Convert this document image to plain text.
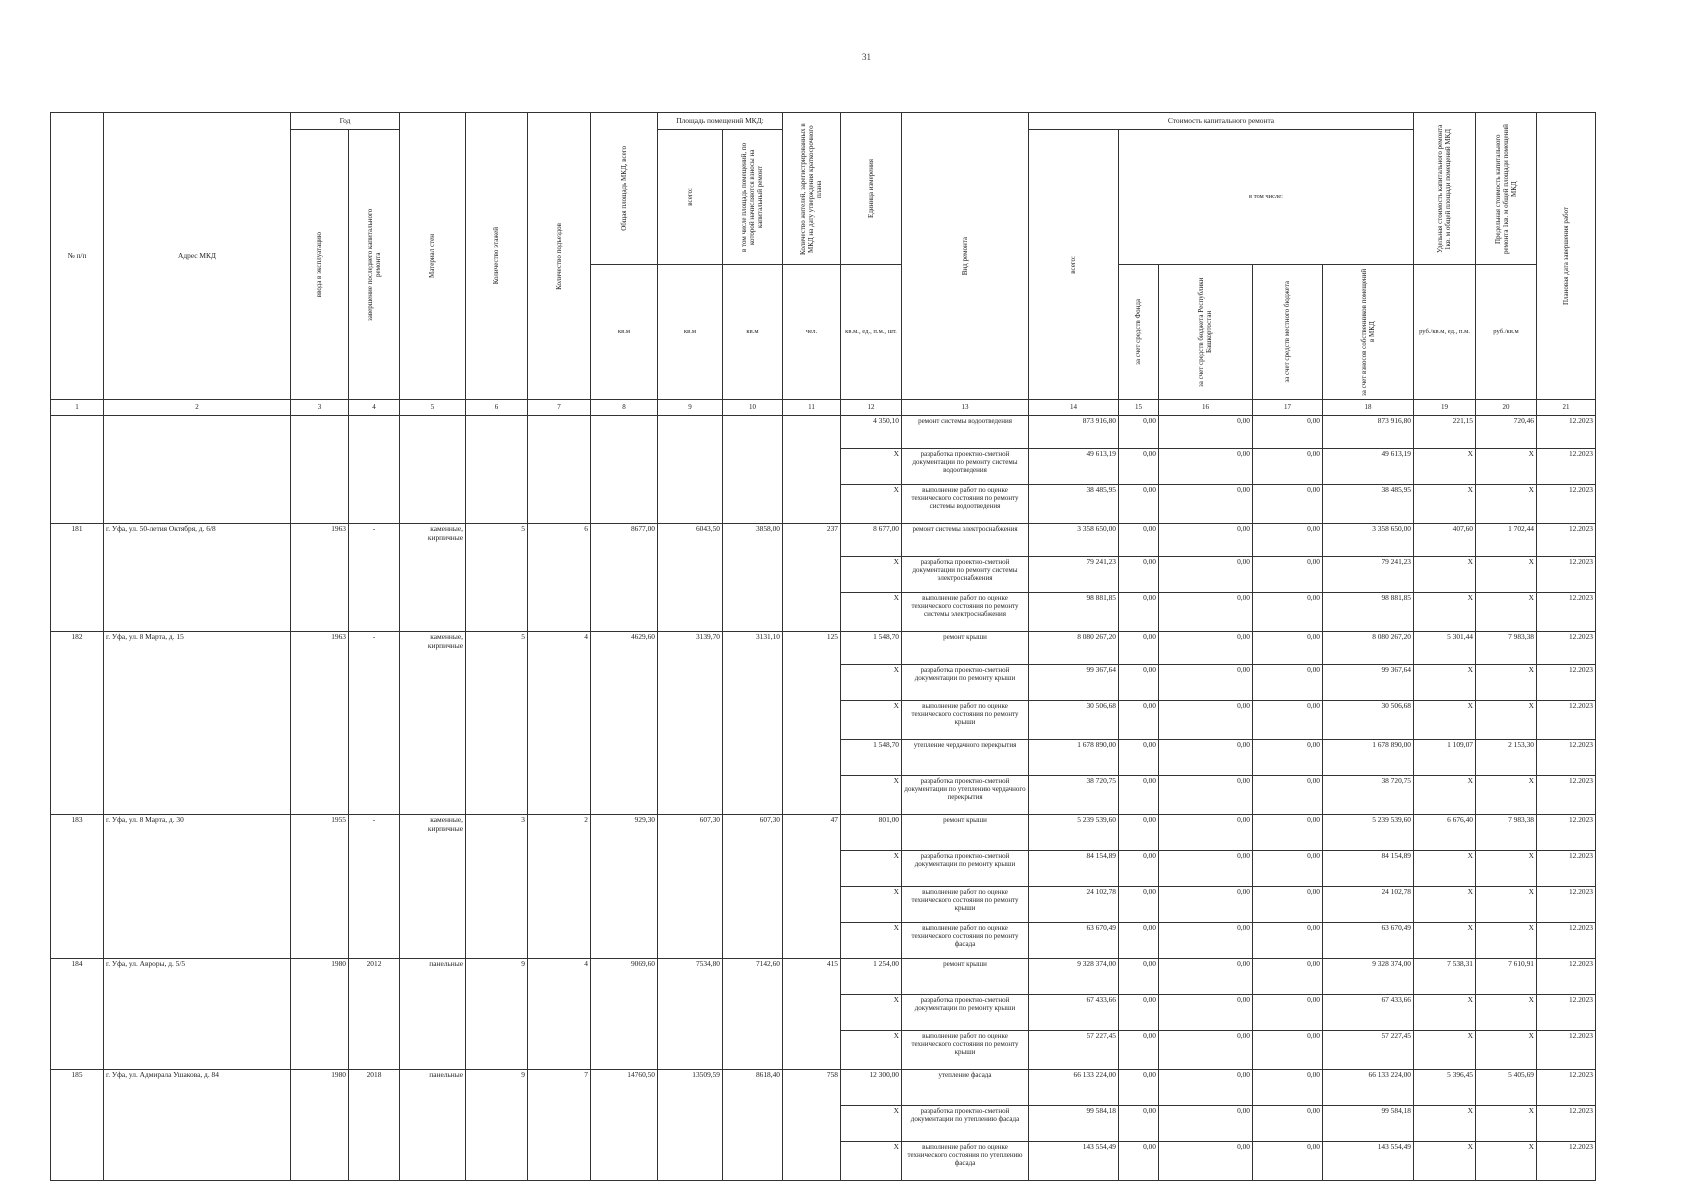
31
№ п/п	Адрес МКД	Год		Материал стен	Количество этажей	Количество подъездов	Общая площадь МКД, всего	Площадь помещений МКД:		Количество жителей, зарегистрированных в МКД на дату утверждения краткосрочного плана	Единица измерения	Вид ремонта	Стоимость капитального ремонта					Удельная стоимость капитального ремонта 1кв. м общей площади помещений МКД	Предельная стоимость капитального ремонта 1кв. м общей площади помещений МКД	Плановая дата завершения работ

		ввода в эксплуатацию	завершение последнего капитального ремонта					всего:	в том числе площадь помещений, по которой начисляются взносы на капитальный ремонт				всего:	в том числе:						
							кв.м	кв.м	кв.м	чел.	кв.м., ед., п.м., шт.			за счет средств Фонда	за счет средств бюджета Республики Башкортостан	за счет средств местного бюджета	за счет взносов собственников помещений в МКД	руб./кв.м, ед., п.м.	руб./кв.м	
1	2	3	4	5	6	7	8	9	10	11	12	13	14	15	16	17	18	19	20	21
											4 350,10	ремонт системы водоотведения	873 916,80	0,00	0,00	0,00	873 916,80	221,15	720,46	12.2023
											X	разработка проектно-сметной документации по ремонту системы водоотведения	49 613,19	0,00	0,00	0,00	49 613,19	X	X	12.2023
											X	выполнение работ по оценке технического состояния по ремонту системы водоотведения	38 485,95	0,00	0,00	0,00	38 485,95	X	X	12.2023
181	г. Уфа, ул. 50-летия Октября, д. 6/8	1963	-	каменные, кирпичные	5	6	8677,00	6043,50	3858,00	237	8 677,00	ремонт системы электроснабжения	3 358 650,00	0,00	0,00	0,00	3 358 650,00	407,60	1 702,44	12.2023
											X	разработка проектно-сметной документации по ремонту системы электроснабжения	79 241,23	0,00	0,00	0,00	79 241,23	X	X	12.2023
											X	выполнение работ по оценке технического состояния по ремонту системы электроснабжения	98 881,85	0,00	0,00	0,00	98 881,85	X	X	12.2023
182	г. Уфа, ул. 8 Марта, д. 15	1963	-	каменные, кирпичные	5	4	4629,60	3139,70	3131,10	125	1 548,70	ремонт крыши	8 080 267,20	0,00	0,00	0,00	8 080 267,20	5 301,44	7 983,38	12.2023
											X	разработка проектно-сметной документации по ремонту крыши	99 367,64	0,00	0,00	0,00	99 367,64	X	X	12.2023
											X	выполнение работ по оценке технического состояния по ремонту крыши	30 506,68	0,00	0,00	0,00	30 506,68	X	X	12.2023
											1 548,70	утепление чердачного перекрытия	1 678 890,00	0,00	0,00	0,00	1 678 890,00	1 109,07	2 153,30	12.2023
											X	разработка проектно-сметной документации по утеплению чердачного перекрытия	38 720,75	0,00	0,00	0,00	38 720,75	X	X	12.2023
183	г. Уфа, ул. 8 Марта, д. 30	1955	-	каменные, кирпичные	3	2	929,30	607,30	607,30	47	801,00	ремонт крыши	5 239 539,60	0,00	0,00	0,00	5 239 539,60	6 676,40	7 983,38	12.2023
											X	разработка проектно-сметной документации по ремонту крыши	84 154,89	0,00	0,00	0,00	84 154,89	X	X	12.2023
											X	выполнение работ по оценке технического состояния по ремонту крыши	24 102,78	0,00	0,00	0,00	24 102,78	X	X	12.2023
											X	выполнение работ по оценке технического состояния по ремонту фасада	63 670,49	0,00	0,00	0,00	63 670,49	X	X	12.2023
184	г. Уфа, ул. Авроры, д. 5/5	1980	2012	панельные	9	4	9069,60	7534,80	7142,60	415	1 254,00	ремонт крыши	9 328 374,00	0,00	0,00	0,00	9 328 374,00	7 538,31	7 610,91	12.2023
											X	разработка проектно-сметной документации по ремонту крыши	67 433,66	0,00	0,00	0,00	67 433,66	X	X	12.2023
											X	выполнение работ по оценке технического состояния по ремонту крыши	57 227,45	0,00	0,00	0,00	57 227,45	X	X	12.2023
185	г. Уфа, ул. Адмирала Ушакова, д. 84	1980	2018	панельные	9	7	14760,50	13509,59	8618,40	758	12 300,00	утепление фасада	66 133 224,00	0,00	0,00	0,00	66 133 224,00	5 396,45	5 405,69	12.2023
											X	разработка проектно-сметной документации по утеплению фасада	99 584,18	0,00	0,00	0,00	99 584,18	X	X	12.2023
											X	выполнение работ по оценке технического состояния по утеплению фасада	143 554,49	0,00	0,00	0,00	143 554,49	X	X	12.2023
